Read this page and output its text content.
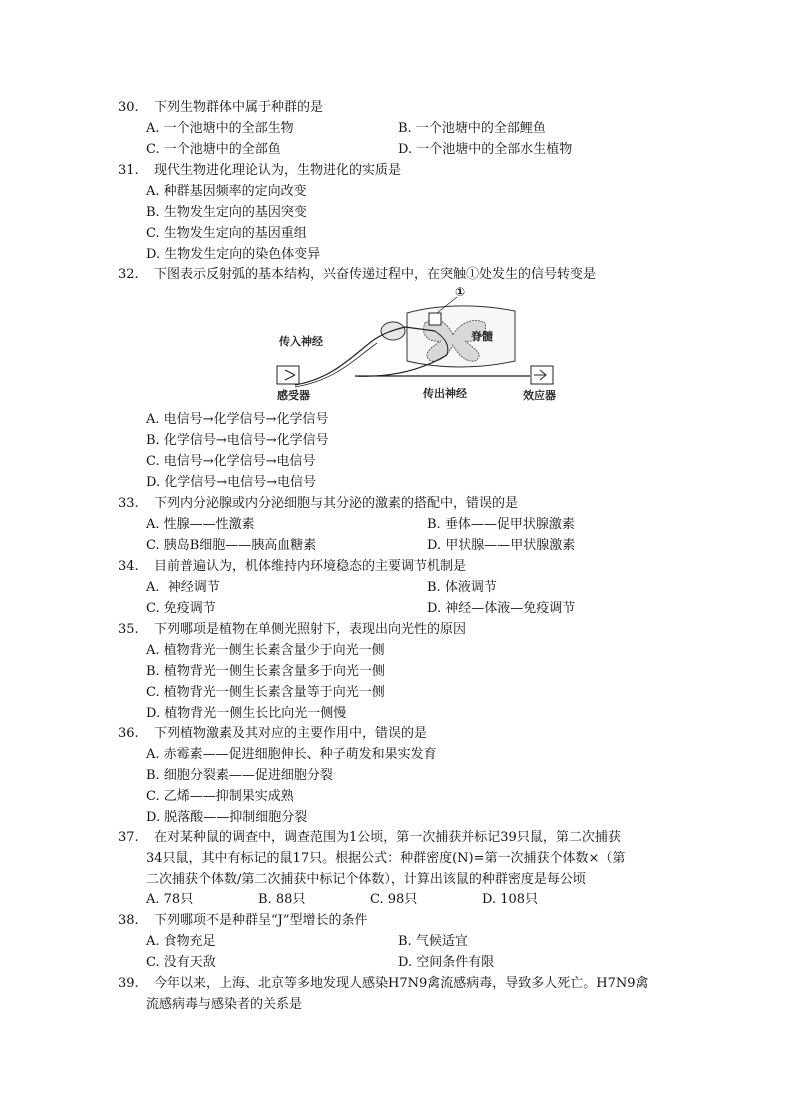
30. 下列生物群体中属于种群的是
A. 一个池塘中的全部生物	B. 一个池塘中的全部鲤鱼
C. 一个池塘中的全部鱼	D. 一个池塘中的全部水生植物
31. 现代生物进化理论认为，生物进化的实质是
A. 种群基因频率的定向改变
B. 生物发生定向的基因突变
C. 生物发生定向的基因重组
D. 生物发生定向的染色体变异
32. 下图表示反射弧的基本结构，兴奋传递过程中，在突触①处发生的信号转变是
①
脊髓
传入神经
传出神经
感受器	效应器
A. 电信号→化学信号→化学信号
B. 化学信号→电信号→化学信号
C. 电信号→化学信号→电信号
D. 化学信号→电信号→电信号
33. 下列内分泌腺或内分泌细胞与其分泌的激素的搭配中，错误的是
A. 性腺——性激素	B. 垂体——促甲状腺激素
C. 胰岛B细胞——胰高血糖素	D. 甲状腺——甲状腺激素
34. 目前普遍认为，机体维持内环境稳态的主要调节机制是
A.  神经调节	B. 体液调节
C. 免疫调节	D. 神经—体液—免疫调节
35. 下列哪项是植物在单侧光照射下，表现出向光性的原因
A. 植物背光一侧生长素含量少于向光一侧
B. 植物背光一侧生长素含量多于向光一侧
C. 植物背光一侧生长素含量等于向光一侧
D. 植物背光一侧生长比向光一侧慢
36. 下列植物激素及其对应的主要作用中，错误的是
A. 赤霉素——促进细胞伸长、种子萌发和果实发育
B. 细胞分裂素——促进细胞分裂
C. 乙烯——抑制果实成熟
D. 脱落酸——抑制细胞分裂
37. 在对某种鼠的调查中，调查范围为1公顷，第一次捕获并标记39只鼠，第二次捕获
34只鼠，其中有标记的鼠17只。根据公式：种群密度(N)=第一次捕获个体数×（第
二次捕获个体数/第二次捕获中标记个体数），计算出该鼠的种群密度是每公顷
A. 78只	B. 88只	C. 98只	D. 108只
38. 下列哪项不是种群呈“J”型增长的条件
A. 食物充足	B. 气候适宜
C. 没有天敌	D. 空间条件有限
39. 今年以来，上海、北京等多地发现人感染H7N9禽流感病毒，导致多人死亡。H7N9禽
流感病毒与感染者的关系是
